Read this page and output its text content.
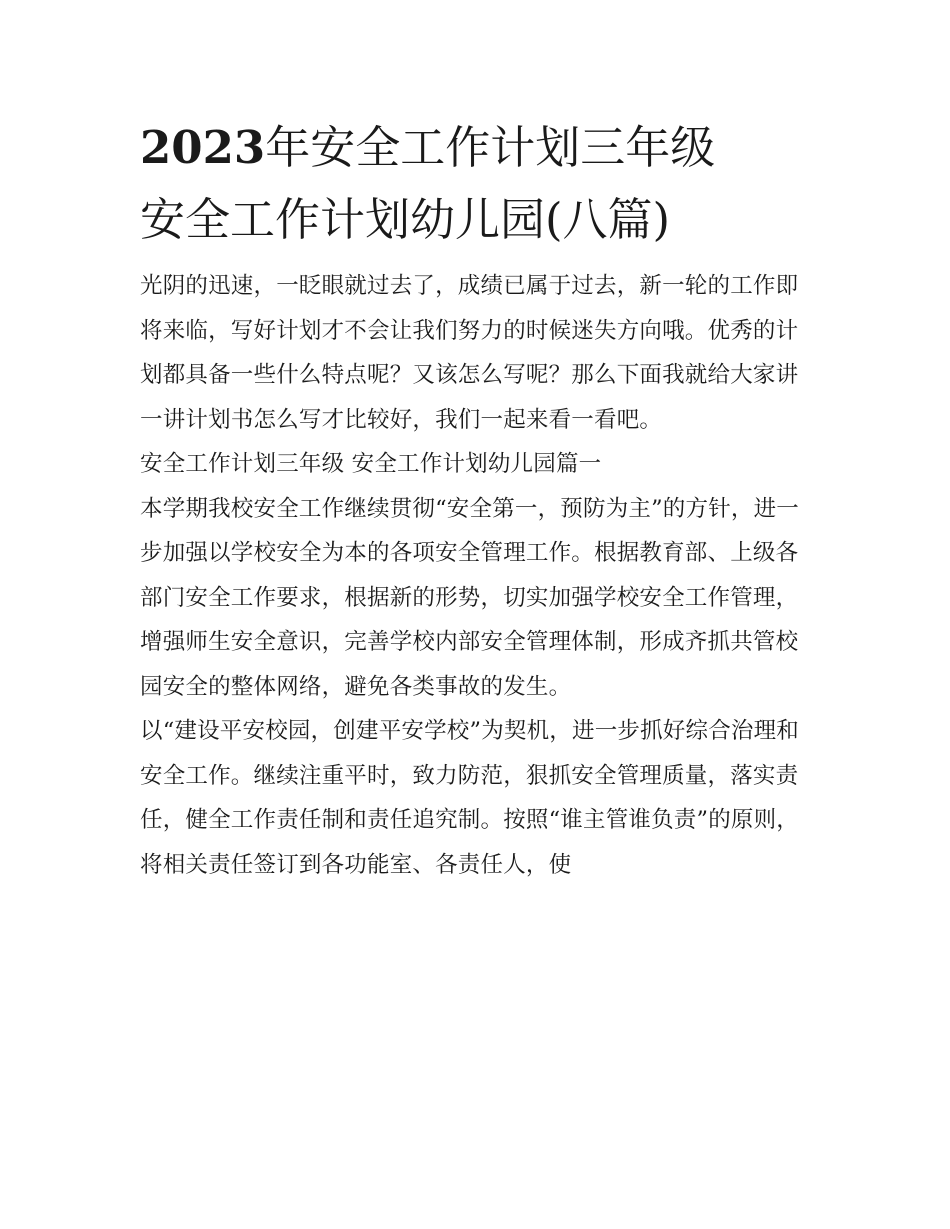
2023年安全工作计划三年级
安全工作计划幼儿园(八篇)

光阴的迅速，一眨眼就过去了，成绩已属于过去，新一轮的工作即将来临，写好计划才不会让我们努力的时候迷失方向哦。优秀的计划都具备一些什么特点呢？又该怎么写呢？那么下面我就给大家讲一讲计划书怎么写才比较好，我们一起来看一看吧。

安全工作计划三年级 安全工作计划幼儿园篇一

本学期我校安全工作继续贯彻“安全第一，预防为主”的方针，进一步加强以学校安全为本的各项安全管理工作。根据教育部、上级各部门安全工作要求，根据新的形势，切实加强学校安全工作管理，增强师生安全意识，完善学校内部安全管理体制，形成齐抓共管校园安全的整体网络，避免各类事故的发生。

以“建设平安校园，创建平安学校”为契机，进一步抓好综合治理和安全工作。继续注重平时，致力防范，狠抓安全管理质量，落实责任，健全工作责任制和责任追究制。按照“谁主管谁负责”的原则，将相关责任签订到各功能室、各责任人，使
